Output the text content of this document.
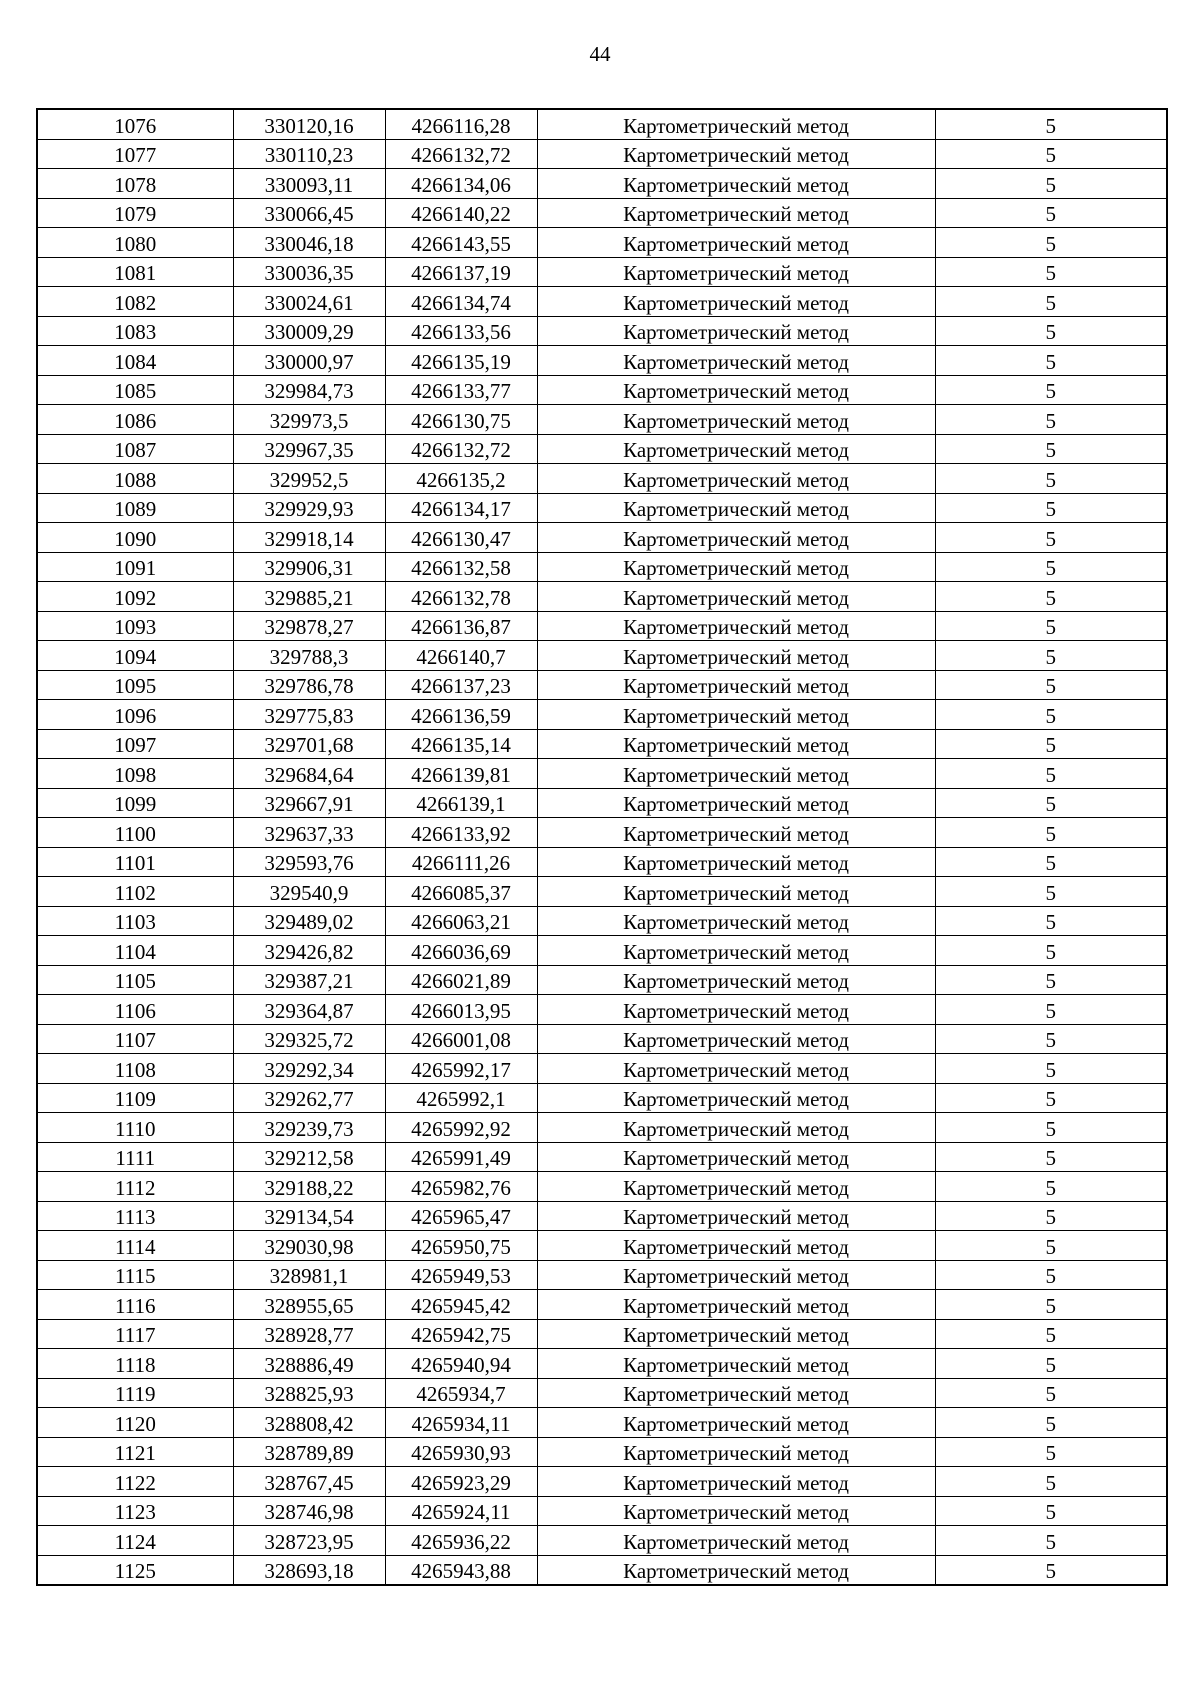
44
1076	330120,16	4266116,28	Картометрический метод	5
1077	330110,23	4266132,72	Картометрический метод	5
1078	330093,11	4266134,06	Картометрический метод	5
1079	330066,45	4266140,22	Картометрический метод	5
1080	330046,18	4266143,55	Картометрический метод	5
1081	330036,35	4266137,19	Картометрический метод	5
1082	330024,61	4266134,74	Картометрический метод	5
1083	330009,29	4266133,56	Картометрический метод	5
1084	330000,97	4266135,19	Картометрический метод	5
1085	329984,73	4266133,77	Картометрический метод	5
1086	329973,5	4266130,75	Картометрический метод	5
1087	329967,35	4266132,72	Картометрический метод	5
1088	329952,5	4266135,2	Картометрический метод	5
1089	329929,93	4266134,17	Картометрический метод	5
1090	329918,14	4266130,47	Картометрический метод	5
1091	329906,31	4266132,58	Картометрический метод	5
1092	329885,21	4266132,78	Картометрический метод	5
1093	329878,27	4266136,87	Картометрический метод	5
1094	329788,3	4266140,7	Картометрический метод	5
1095	329786,78	4266137,23	Картометрический метод	5
1096	329775,83	4266136,59	Картометрический метод	5
1097	329701,68	4266135,14	Картометрический метод	5
1098	329684,64	4266139,81	Картометрический метод	5
1099	329667,91	4266139,1	Картометрический метод	5
1100	329637,33	4266133,92	Картометрический метод	5
1101	329593,76	4266111,26	Картометрический метод	5
1102	329540,9	4266085,37	Картометрический метод	5
1103	329489,02	4266063,21	Картометрический метод	5
1104	329426,82	4266036,69	Картометрический метод	5
1105	329387,21	4266021,89	Картометрический метод	5
1106	329364,87	4266013,95	Картометрический метод	5
1107	329325,72	4266001,08	Картометрический метод	5
1108	329292,34	4265992,17	Картометрический метод	5
1109	329262,77	4265992,1	Картометрический метод	5
1110	329239,73	4265992,92	Картометрический метод	5
1111	329212,58	4265991,49	Картометрический метод	5
1112	329188,22	4265982,76	Картометрический метод	5
1113	329134,54	4265965,47	Картометрический метод	5
1114	329030,98	4265950,75	Картометрический метод	5
1115	328981,1	4265949,53	Картометрический метод	5
1116	328955,65	4265945,42	Картометрический метод	5
1117	328928,77	4265942,75	Картометрический метод	5
1118	328886,49	4265940,94	Картометрический метод	5
1119	328825,93	4265934,7	Картометрический метод	5
1120	328808,42	4265934,11	Картометрический метод	5
1121	328789,89	4265930,93	Картометрический метод	5
1122	328767,45	4265923,29	Картометрический метод	5
1123	328746,98	4265924,11	Картометрический метод	5
1124	328723,95	4265936,22	Картометрический метод	5
1125	328693,18	4265943,88	Картометрический метод	5
